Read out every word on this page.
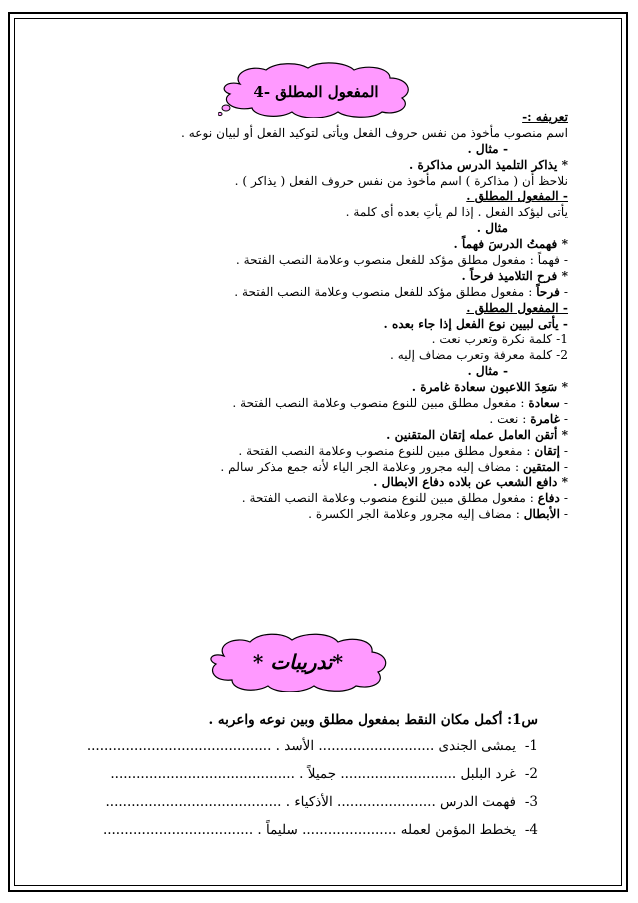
4- المفعول المطلق
تعريفه :-
اسم منصوب مأخوذ من نفس حروف الفعل ويأتى لتوكيد الفعل أو لبيان نوعه .
- مثال .
* يذاكر التلميذ الدرس مذاكرة .
نلاحظ أن ( مذاكرة ) اسم مأخوذ من نفس حروف الفعل ( يذاكر ) .
- المفعول المطلق .
يأتى ليؤكد الفعل . إذا لم يأتِ بعده أى كلمة .
مثال .
* فهمتُ الدرسَ فهماً .
- فهماً : مفعول مطلق مؤكد للفعل منصوب وعلامة النصب الفتحة .
* فرح التلاميذ فرحاً .
- فرحاً : مفعول مطلق مؤكد للفعل منصوب وعلامة النصب الفتحة .
- المفعول المطلق .
- يأتى لبيين نوع الفعل إذا جاء بعده .
1- كلمة نكرة وتعرب نعت .
2- كلمة معرفة وتعرب مضاف إليه .
- مثال .
* سَعِدَ اللاعبون سعادة غامرة .
- سعادة : مفعول مطلق مبين للنوع منصوب وعلامة النصب الفتحة .
- غامرة : نعت .
* أتقن العامل عمله إتقان المتقنين .
- إتقان : مفعول مطلق مبين للنوع منصوب وعلامة النصب الفتحة .
- المتقين : مضاف إليه مجرور وعلامة الجر الياء لأنه جمع مذكر سالم .
* دافع الشعب عن بلاده دفاع الابطال .
- دفاع : مفعول مطلق مبين للنوع منصوب وعلامة النصب الفتحة .
- الأبطال : مضاف إليه مجرور وعلامة الجر الكسرة .
* تدريبات*
س1: أكمل مكان النقط بمفعول مطلق وبين نوعه واعربه .
1-يمشى الجندى ........................... الأسد . ...........................................
2-غرد البلبل ........................... جميلاً . ...........................................
3-فهمت الدرس ....................... الأذكياء . .........................................
4-يخطط المؤمن لعمله ...................... سليماً . ...................................
